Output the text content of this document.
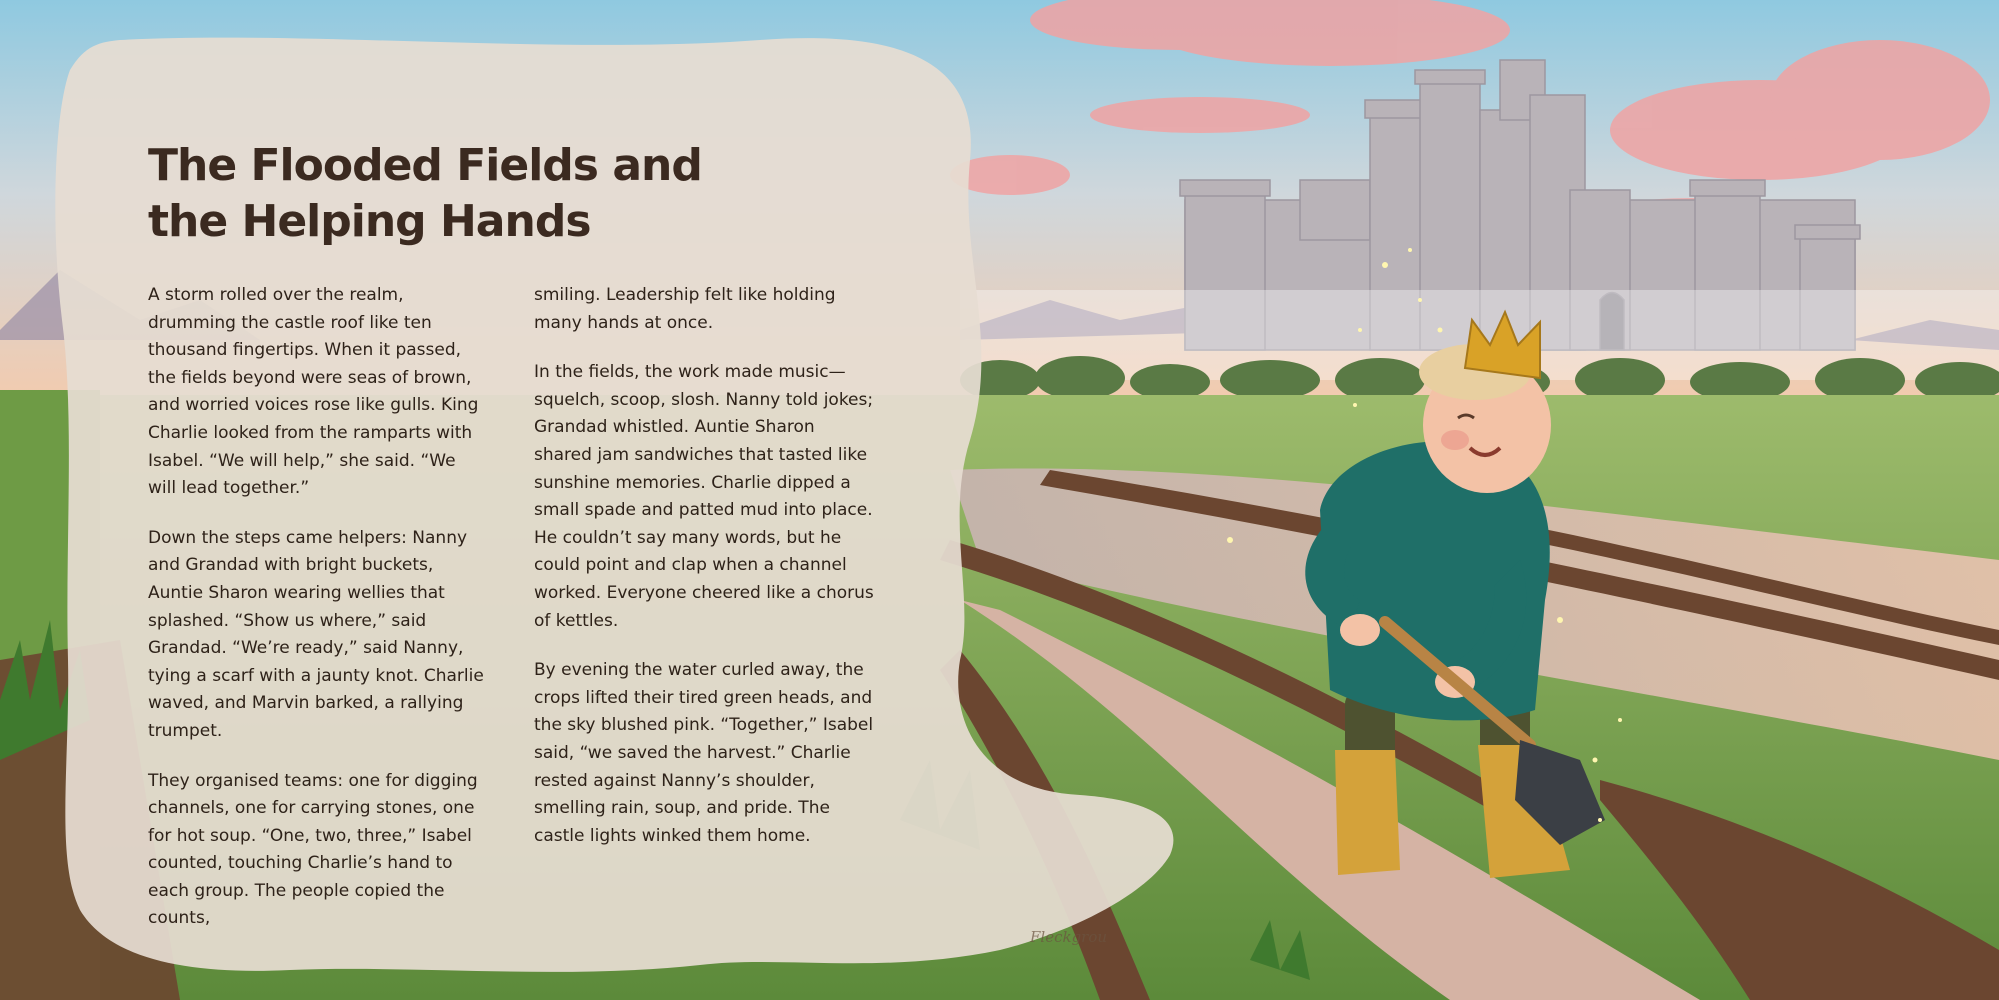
The Flooded Fields and the Helping Hands

A storm rolled over the realm, drumming the castle roof like ten thousand fingertips. When it passed, the fields beyond were seas of brown, and worried voices rose like gulls. King Charlie looked from the ramparts with Isabel. “We will help,” she said. “We will lead together.”

Down the steps came helpers: Nanny and Grandad with bright buckets, Auntie Sharon wearing wellies that splashed. “Show us where,” said Grandad. “We’re ready,” said Nanny, tying a scarf with a jaunty knot. Charlie waved, and Marvin barked, a rallying trumpet.

They organised teams: one for digging channels, one for carrying stones, one for hot soup. “One, two, three,” Isabel counted, touching Charlie’s hand to each group. The people copied the counts,

smiling. Leadership felt like holding many hands at once.

In the fields, the work made music—squelch, scoop, slosh. Nanny told jokes; Grandad whistled. Auntie Sharon shared jam sandwiches that tasted like sunshine memories. Charlie dipped a small spade and patted mud into place. He couldn’t say many words, but he could point and clap when a channel worked. Everyone cheered like a chorus of kettles.

By evening the water curled away, the crops lifted their tired green heads, and the sky blushed pink. “Together,” Isabel said, “we saved the harvest.” Charlie rested against Nanny’s shoulder, smelling rain, soup, and pride. The castle lights winked them home.

Fleckgrou
